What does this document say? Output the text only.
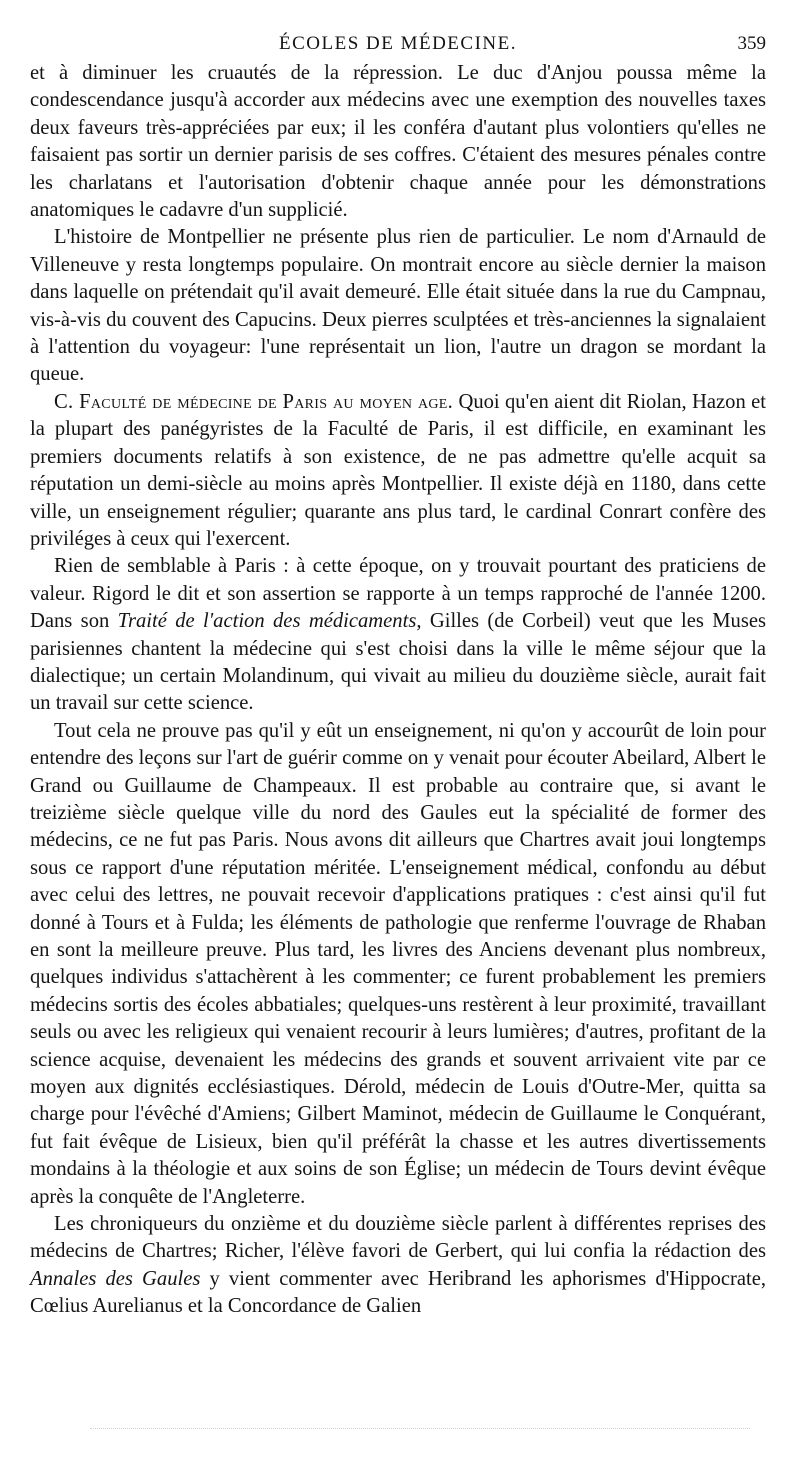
ÉCOLES DE MÉDECINE.	359

et à diminuer les cruautés de la répression. Le duc d'Anjou poussa même la condescendance jusqu'à accorder aux médecins avec une exemption des nouvelles taxes deux faveurs très-appréciées par eux; il les conféra d'autant plus volontiers qu'elles ne faisaient pas sortir un dernier parisis de ses coffres. C'étaient des mesures pénales contre les charlatans et l'autorisation d'obtenir chaque année pour les démonstrations anatomiques le cadavre d'un supplicié.

L'histoire de Montpellier ne présente plus rien de particulier. Le nom d'Arnauld de Villeneuve y resta longtemps populaire. On montrait encore au siècle dernier la maison dans laquelle on prétendait qu'il avait demeuré. Elle était située dans la rue du Campnau, vis-à-vis du couvent des Capucins. Deux pierres sculptées et très-anciennes la signalaient à l'attention du voyageur: l'une représentait un lion, l'autre un dragon se mordant la queue.

C. Faculté de médecine de Paris au moyen age. Quoi qu'en aient dit Riolan, Hazon et la plupart des panégyristes de la Faculté de Paris, il est difficile, en examinant les premiers documents relatifs à son existence, de ne pas admettre qu'elle acquit sa réputation un demi-siècle au moins après Montpellier. Il existe déjà en 1180, dans cette ville, un enseignement régulier; quarante ans plus tard, le cardinal Conrart confère des priviléges à ceux qui l'exercent.

Rien de semblable à Paris : à cette époque, on y trouvait pourtant des praticiens de valeur. Rigord le dit et son assertion se rapporte à un temps rapproché de l'année 1200. Dans son Traité de l'action des médicaments, Gilles (de Corbeil) veut que les Muses parisiennes chantent la médecine qui s'est choisi dans la ville le même séjour que la dialectique; un certain Molandinum, qui vivait au milieu du douzième siècle, aurait fait un travail sur cette science.

Tout cela ne prouve pas qu'il y eût un enseignement, ni qu'on y accourût de loin pour entendre des leçons sur l'art de guérir comme on y venait pour écouter Abeilard, Albert le Grand ou Guillaume de Champeaux. Il est probable au contraire que, si avant le treizième siècle quelque ville du nord des Gaules eut la spécialité de former des médecins, ce ne fut pas Paris. Nous avons dit ailleurs que Chartres avait joui longtemps sous ce rapport d'une réputation méritée. L'enseignement médical, confondu au début avec celui des lettres, ne pouvait recevoir d'applications pratiques : c'est ainsi qu'il fut donné à Tours et à Fulda; les éléments de pathologie que renferme l'ouvrage de Rhaban en sont la meilleure preuve. Plus tard, les livres des Anciens devenant plus nombreux, quelques individus s'attachèrent à les commenter; ce furent probablement les premiers médecins sortis des écoles abbatiales; quelques-uns restèrent à leur proximité, travaillant seuls ou avec les religieux qui venaient recourir à leurs lumières; d'autres, profitant de la science acquise, devenaient les médecins des grands et souvent arrivaient vite par ce moyen aux dignités ecclésiastiques. Dérold, médecin de Louis d'Outre-Mer, quitta sa charge pour l'évêché d'Amiens; Gilbert Maminot, médecin de Guillaume le Conquérant, fut fait évêque de Lisieux, bien qu'il préférât la chasse et les autres divertissements mondains à la théologie et aux soins de son Église; un médecin de Tours devint évêque après la conquête de l'Angleterre.

Les chroniqueurs du onzième et du douzième siècle parlent à différentes reprises des médecins de Chartres; Richer, l'élève favori de Gerbert, qui lui confia la rédaction des Annales des Gaules y vient commenter avec Heribrand les aphorismes d'Hippocrate, Cœlius Aurelianus et la Concordance de Galien
